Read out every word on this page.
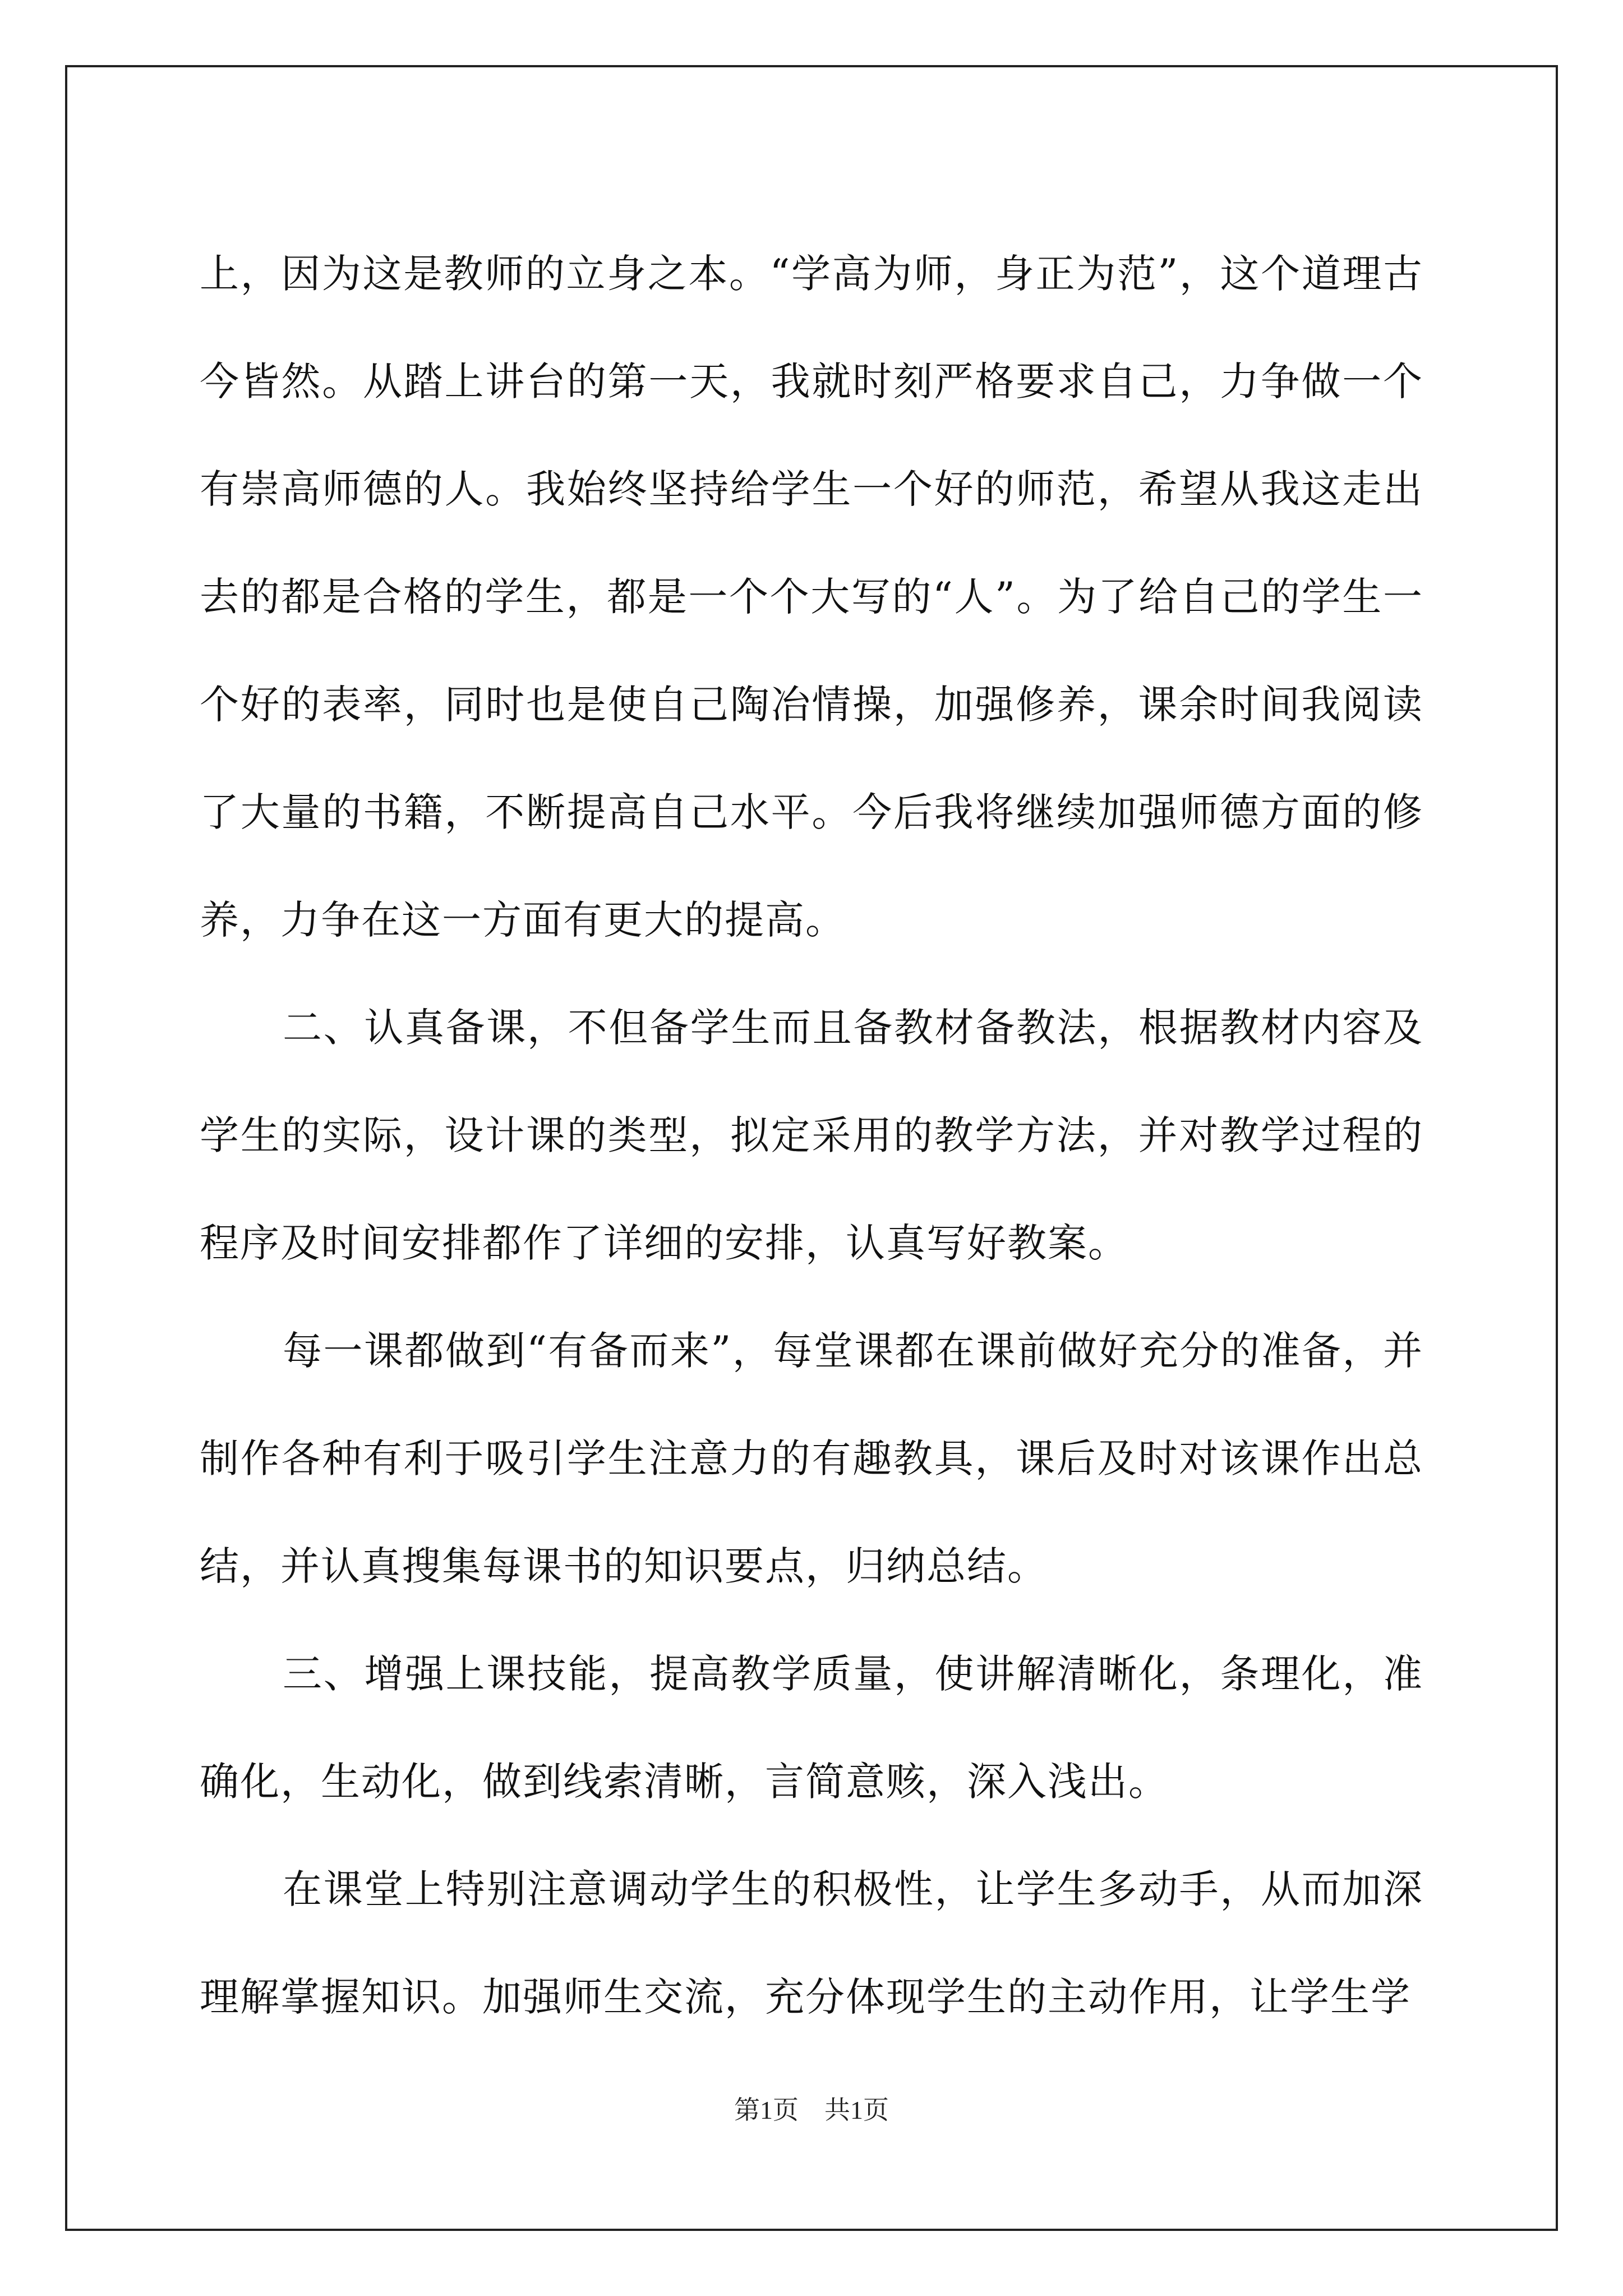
上，因为这是教师的立身之本。“学高为师，身正为范”，这个道理古今皆然。从踏上讲台的第一天，我就时刻严格要求自己，力争做一个有崇高师德的人。我始终坚持给学生一个好的师范，希望从我这走出去的都是合格的学生，都是一个个大写的“人”。为了给自己的学生一个好的表率，同时也是使自己陶冶情操，加强修养，课余时间我阅读了大量的书籍，不断提高自己水平。今后我将继续加强师德方面的修养，力争在这一方面有更大的提高。

二、认真备课，不但备学生而且备教材备教法，根据教材内容及学生的实际，设计课的类型，拟定采用的教学方法，并对教学过程的程序及时间安排都作了详细的安排，认真写好教案。

每一课都做到“有备而来”，每堂课都在课前做好充分的准备，并制作各种有利于吸引学生注意力的有趣教具，课后及时对该课作出总结，并认真搜集每课书的知识要点，归纳总结。

三、增强上课技能，提高教学质量，使讲解清晰化，条理化，准确化，生动化，做到线索清晰，言简意赅，深入浅出。

在课堂上特别注意调动学生的积极性，让学生多动手，从而加深理解掌握知识。加强师生交流，充分体现学生的主动作用，让学生学

第1页 共1页
